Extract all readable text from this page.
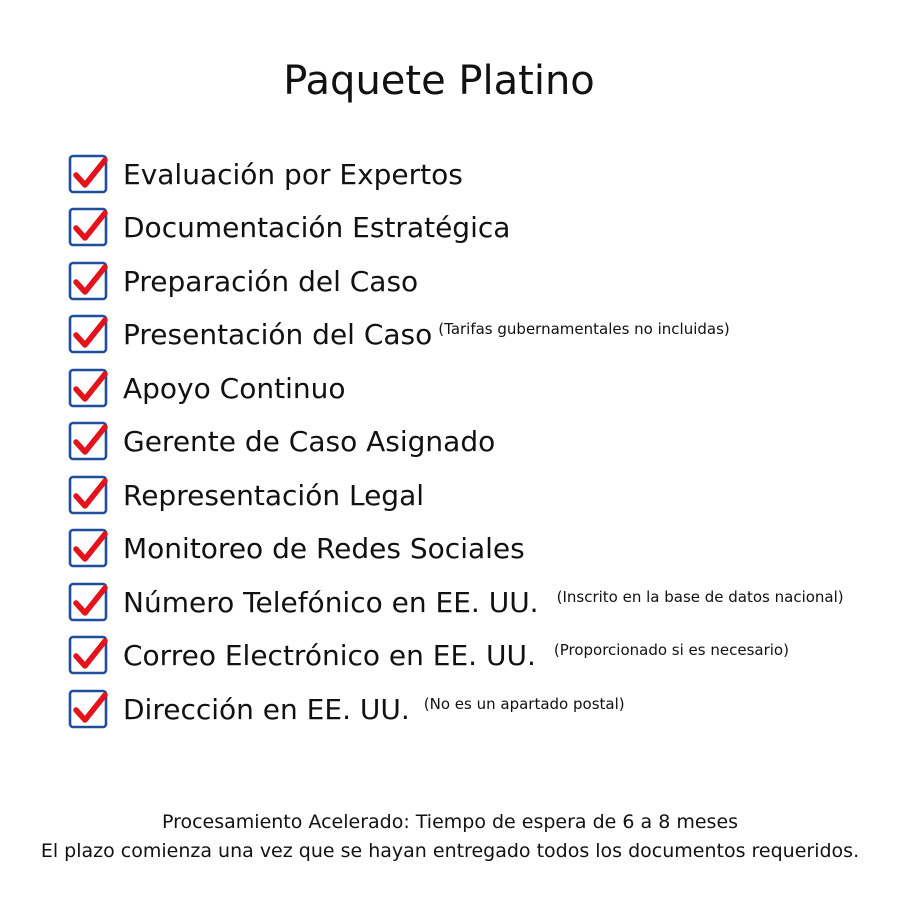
Paquete Platino
Evaluación por Expertos
Documentación Estratégica
Preparación del Caso
Presentación del Caso (Tarifas gubernamentales no incluidas)
Apoyo Continuo
Gerente de Caso Asignado
Representación Legal
Monitoreo de Redes Sociales
Número Telefónico en EE. UU. (Inscrito en la base de datos nacional)
Correo Electrónico en EE. UU. (Proporcionado si es necesario)
Dirección en EE. UU. (No es un apartado postal)

Procesamiento Acelerado: Tiempo de espera de 6 a 8 meses
El plazo comienza una vez que se hayan entregado todos los documentos requeridos.
